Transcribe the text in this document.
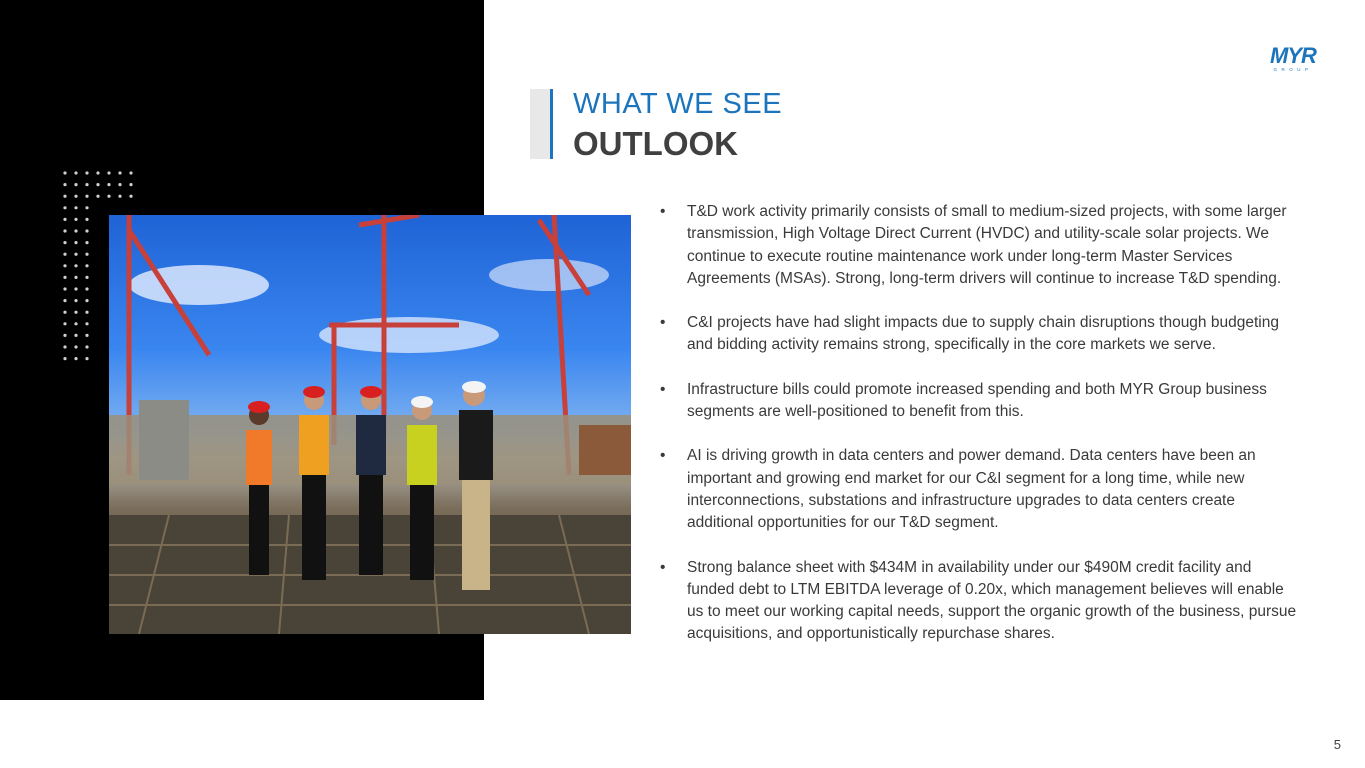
WHAT WE SEE
OUTLOOK
MYR
GROUP
• T&D work activity primarily consists of small to medium-sized projects, with some larger transmission, High Voltage Direct Current (HVDC) and utility-scale solar projects. We continue to execute routine maintenance work under long-term Master Services Agreements (MSAs). Strong, long-term drivers will continue to increase T&D spending.
• C&I projects have had slight impacts due to supply chain disruptions though budgeting and bidding activity remains strong, specifically in the core markets we serve.
• Infrastructure bills could promote increased spending and both MYR Group business segments are well-positioned to benefit from this.
• AI is driving growth in data centers and power demand. Data centers have been an important and growing end market for our C&I segment for a long time, while new interconnections, substations and infrastructure upgrades to data centers create additional opportunities for our T&D segment.
• Strong balance sheet with $434M in availability under our $490M credit facility and funded debt to LTM EBITDA leverage of 0.20x, which management believes will enable us to meet our working capital needs, support the organic growth of the business, pursue acquisitions, and opportunistically repurchase shares.
5
